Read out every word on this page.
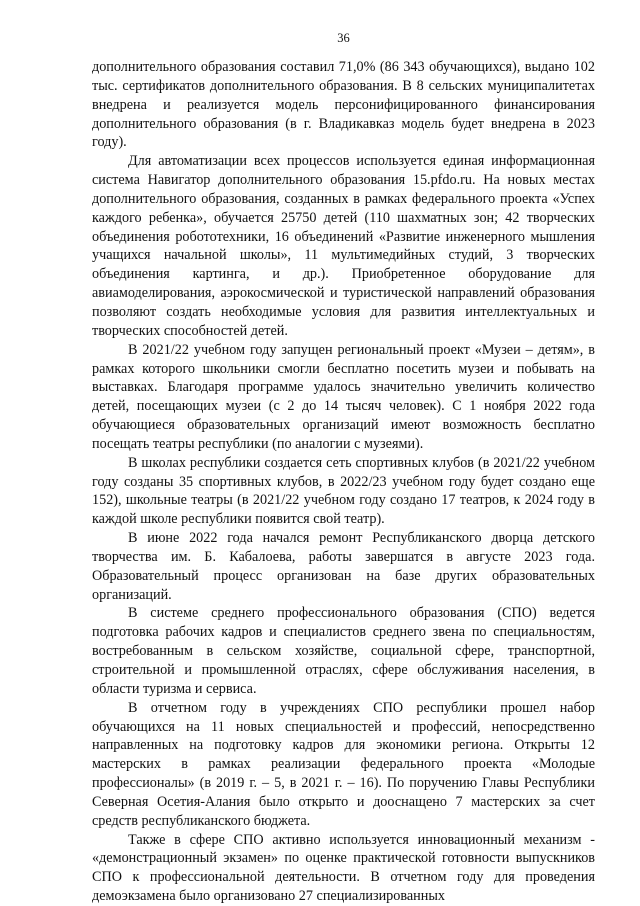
36

дополнительного образования составил 71,0% (86 343 обучающихся), выдано 102 тыс. сертификатов дополнительного образования. В 8 сельских муниципалитетах внедрена и реализуется модель персонифицированного финансирования дополнительного образования (в г. Владикавказ модель будет внедрена в 2023 году).

Для автоматизации всех процессов используется единая информационная система Навигатор дополнительного образования 15.pfdo.ru. На новых местах дополнительного образования, созданных в рамках федерального проекта «Успех каждого ребенка», обучается 25750 детей (110 шахматных зон; 42 творческих объединения робототехники, 16 объединений «Развитие инженерного мышления учащихся начальной школы», 11 мультимедийных студий, 3 творческих объединения картинга, и др.). Приобретенное оборудование для авиамоделирования, аэрокосмической и туристической направлений образования позволяют создать необходимые условия для развития интеллектуальных и творческих способностей детей.

В 2021/22 учебном году запущен региональный проект «Музеи – детям», в рамках которого школьники смогли бесплатно посетить музеи и побывать на выставках. Благодаря программе удалось значительно увеличить количество детей, посещающих музеи (с 2 до 14 тысяч человек). С 1 ноября 2022 года обучающиеся образовательных организаций имеют возможность бесплатно посещать театры республики (по аналогии с музеями).

В школах республики создается сеть спортивных клубов (в 2021/22 учебном году созданы 35 спортивных клубов, в 2022/23 учебном году будет создано еще 152), школьные театры (в 2021/22 учебном году создано 17 театров, к 2024 году в каждой школе республики появится свой театр).

В июне 2022 года начался ремонт Республиканского дворца детского творчества им. Б. Кабалоева, работы завершатся в августе 2023 года. Образовательный процесс организован на базе других образовательных организаций.

В системе среднего профессионального образования (СПО) ведется подготовка рабочих кадров и специалистов среднего звена по специальностям, востребованным в сельском хозяйстве, социальной сфере, транспортной, строительной и промышленной отраслях, сфере обслуживания населения, в области туризма и сервиса.

В отчетном году в учреждениях СПО республики прошел набор обучающихся на 11 новых специальностей и профессий, непосредственно направленных на подготовку кадров для экономики региона. Открыты 12 мастерских в рамках реализации федерального проекта «Молодые профессионалы» (в 2019 г. – 5, в 2021 г. – 16). По поручению Главы Республики Северная Осетия-Алания было открыто и дооснащено 7 мастерских за счет средств республиканского бюджета.

Также в сфере СПО активно используется инновационный механизм - «демонстрационный экзамен» по оценке практической готовности выпускников СПО к профессиональной деятельности. В отчетном году для проведения демоэкзамена было организовано 27 специализированных
